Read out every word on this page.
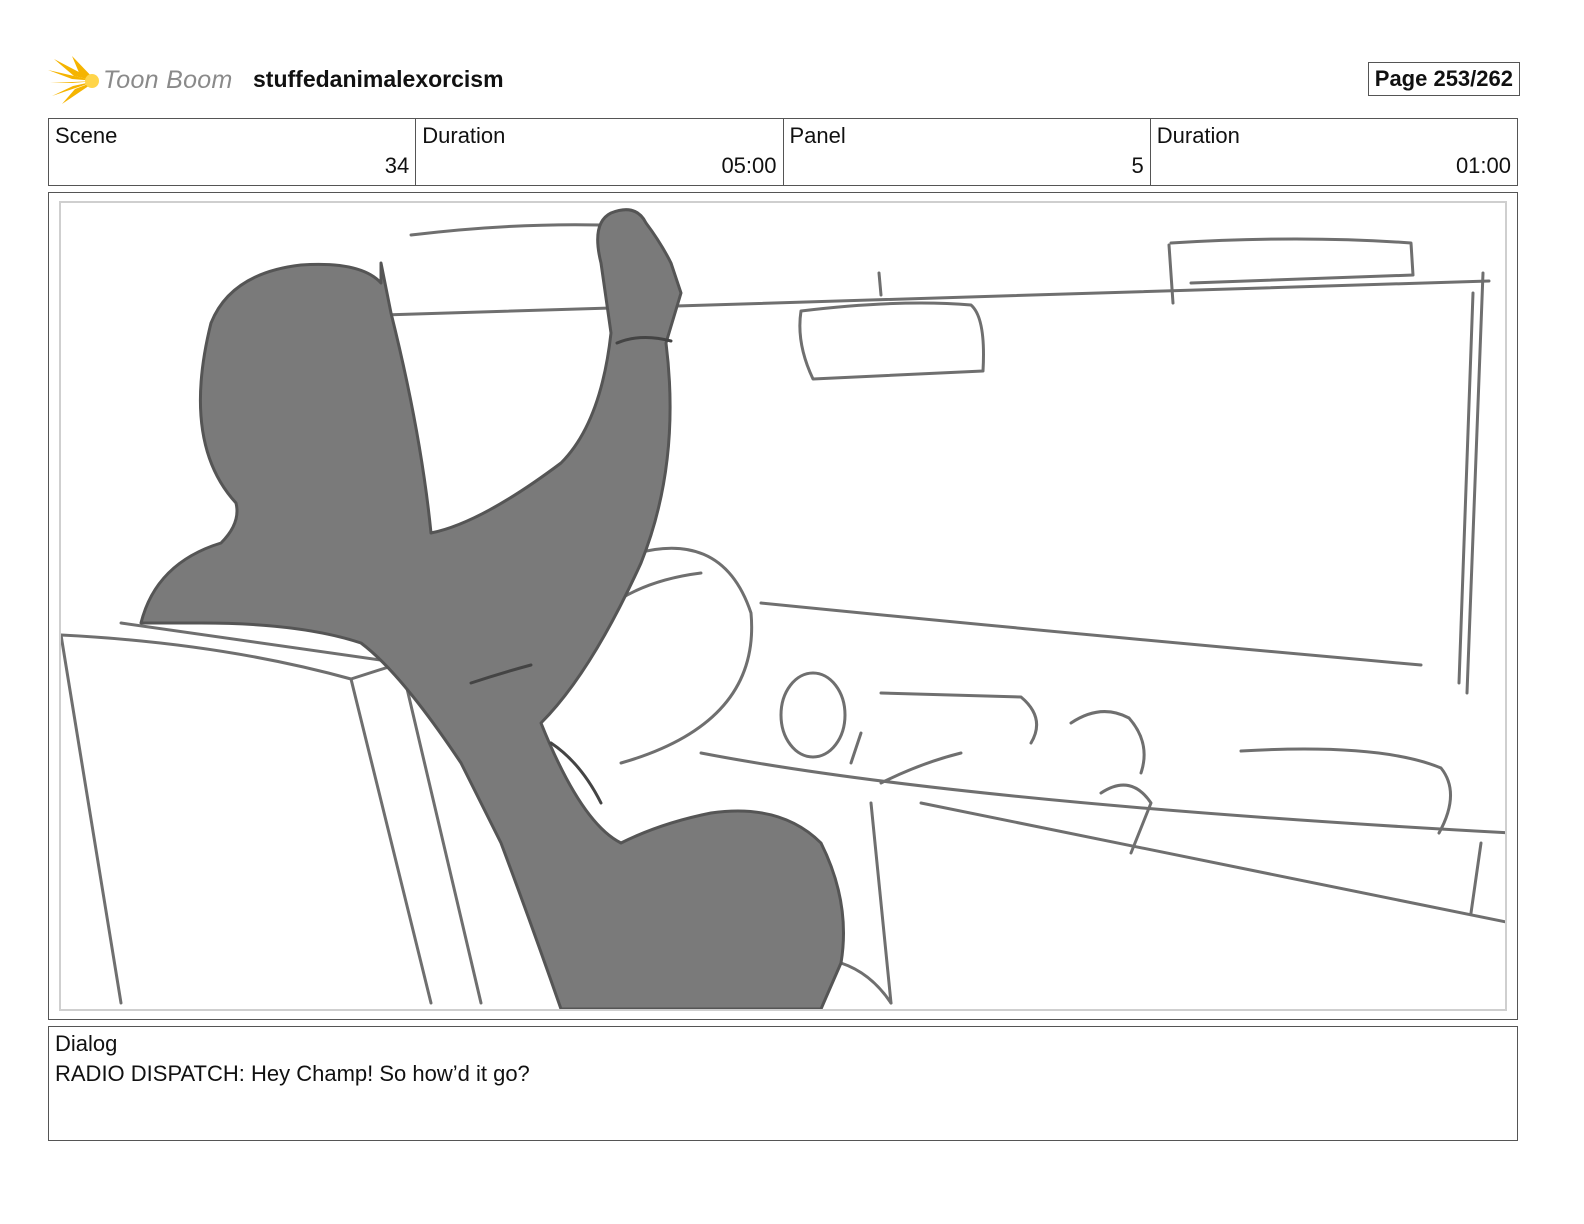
Toon Boom stuffedanimalexorcism	Page 253/262
Scene
34
Duration
05:00
Panel
5
Duration
01:00
Dialog
RADIO DISPATCH: Hey Champ! So how’d it go?
